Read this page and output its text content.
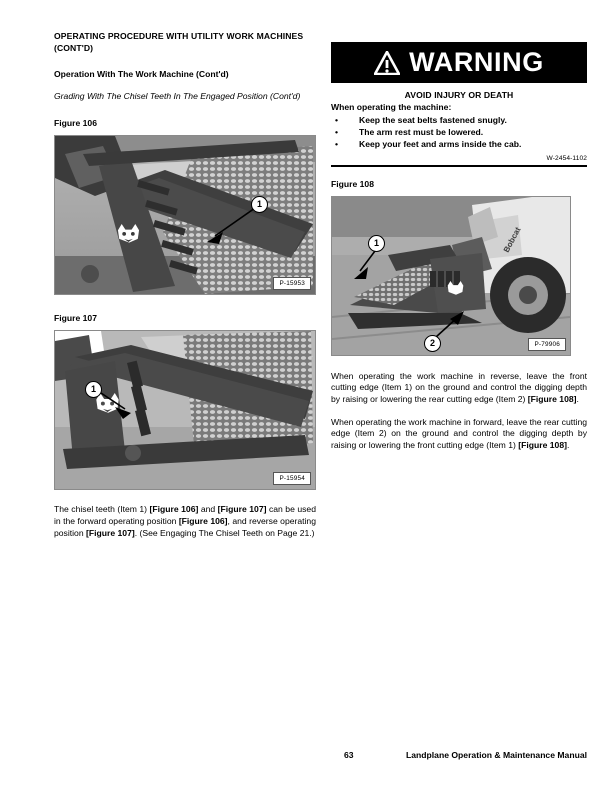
OPERATING PROCEDURE WITH UTILITY WORK MACHINES (CONT'D)
Operation With The Work Machine (Cont'd)
Grading With The Chisel Teeth In The Engaged Position (Cont'd)
Figure 106
1
P-15953
Figure 107
1
P-15954
The chisel teeth (Item 1) [Figure 106] and [Figure 107] can be used in the forward operating position [Figure 106], and reverse operating position [Figure 107]. (See Engaging The Chisel Teeth on Page 21.)
WARNING
AVOID INJURY OR DEATH
When operating the machine:
• Keep the seat belts fastened snugly.
• The arm rest must be lowered.
• Keep your feet and arms inside the cab.
W-2454-1102
Figure 108
Bobcat
1
2	P-79906
When operating the work machine in reverse, leave the front cutting edge (Item 1) on the ground and control the digging depth by raising or lowering the rear cutting edge (Item 2) [Figure 108].
When operating the work machine in forward, leave the rear cutting edge (Item 2) on the ground and control the digging depth by raising or lowering the front cutting edge (Item 1) [Figure 108].
63	Landplane Operation & Maintenance Manual
